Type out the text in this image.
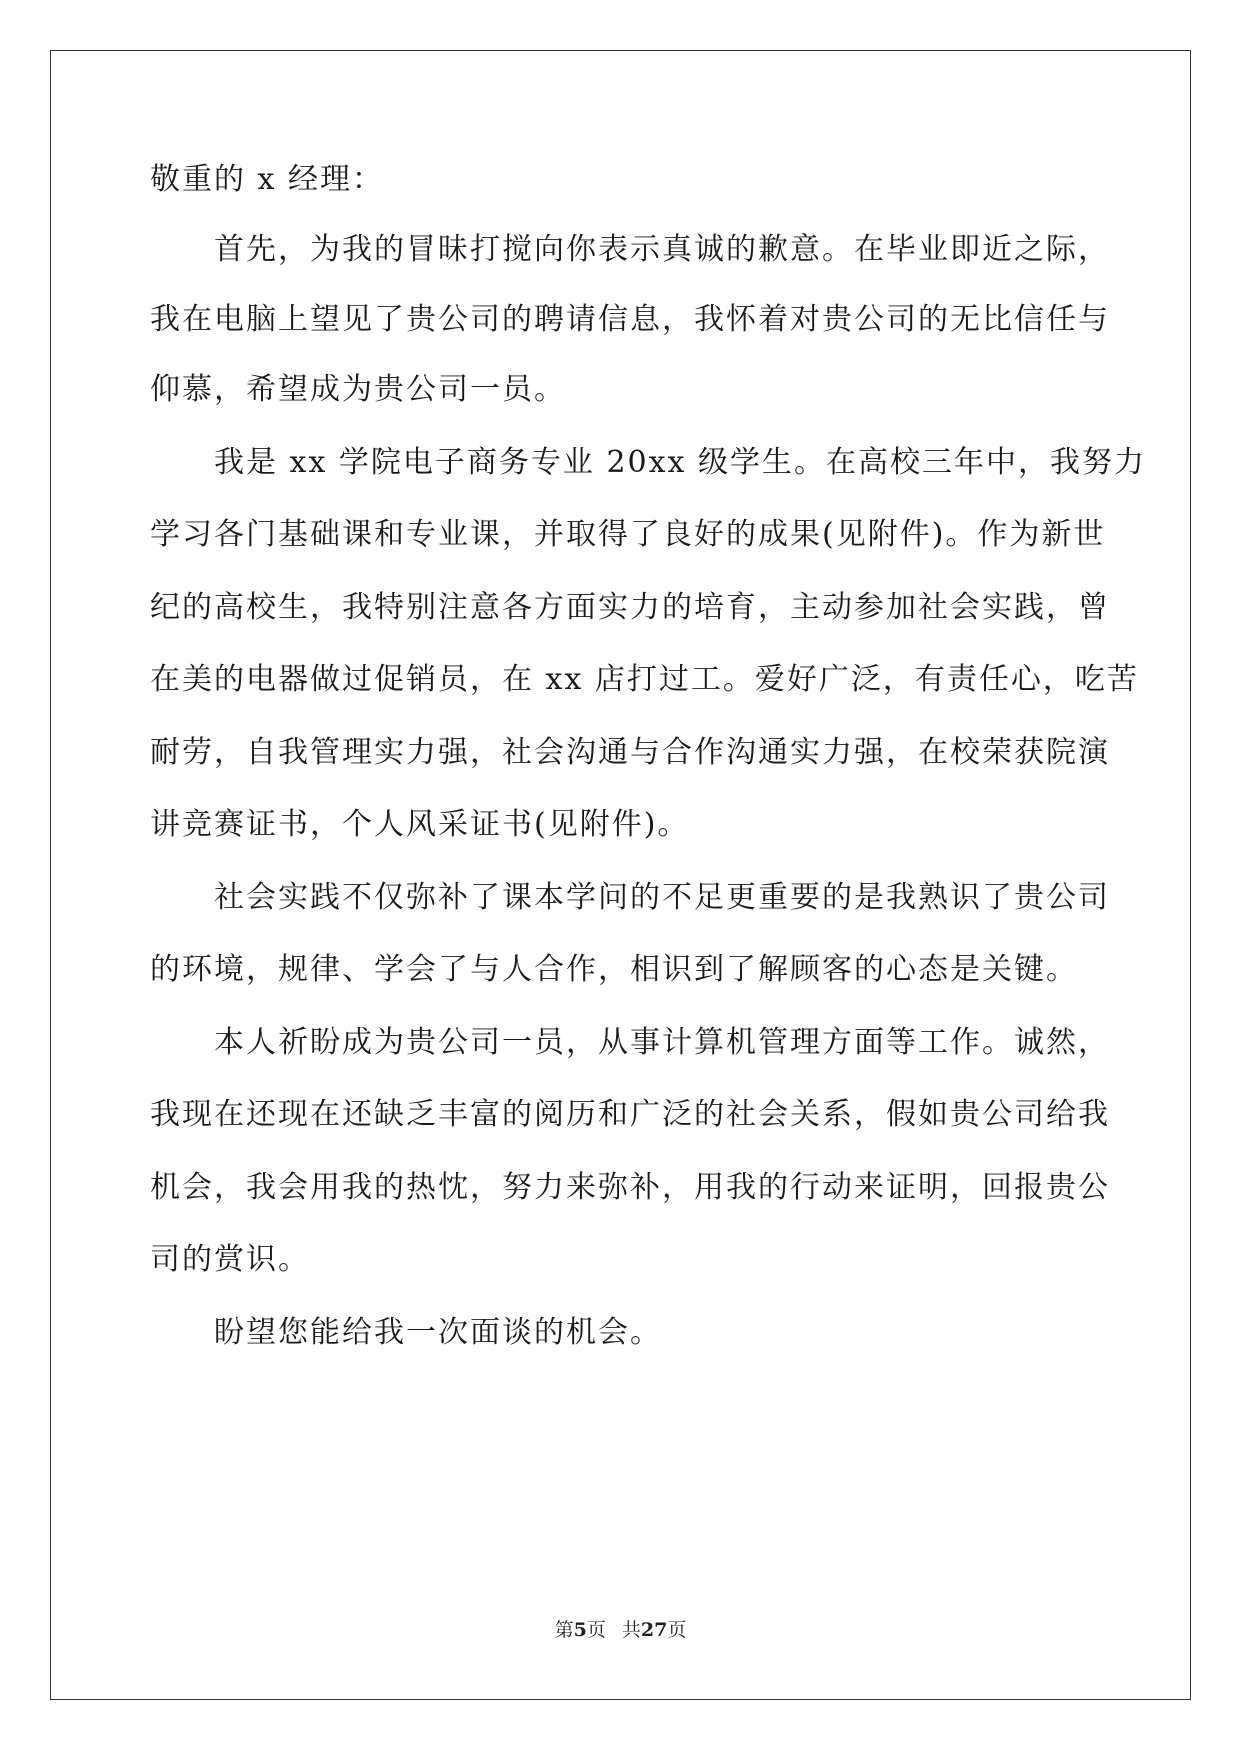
敬重的 x 经理：
首先，为我的冒昧打搅向你表示真诚的歉意。在毕业即近之际，
我在电脑上望见了贵公司的聘请信息，我怀着对贵公司的无比信任与
仰慕，希望成为贵公司一员。
我是 xx 学院电子商务专业 20xx 级学生。在高校三年中，我努力
学习各门基础课和专业课，并取得了良好的成果(见附件)。作为新世
纪的高校生，我特别注意各方面实力的培育，主动参加社会实践，曾
在美的电器做过促销员，在 xx 店打过工。爱好广泛，有责任心，吃苦
耐劳，自我管理实力强，社会沟通与合作沟通实力强，在校荣获院演
讲竞赛证书，个人风采证书(见附件)。
社会实践不仅弥补了课本学问的不足更重要的是我熟识了贵公司
的环境，规律、学会了与人合作，相识到了解顾客的心态是关键。
本人祈盼成为贵公司一员，从事计算机管理方面等工作。诚然，
我现在还现在还缺乏丰富的阅历和广泛的社会关系，假如贵公司给我
机会，我会用我的热忱，努力来弥补，用我的行动来证明，回报贵公
司的赏识。
盼望您能给我一次面谈的机会。
第5页 共27页
